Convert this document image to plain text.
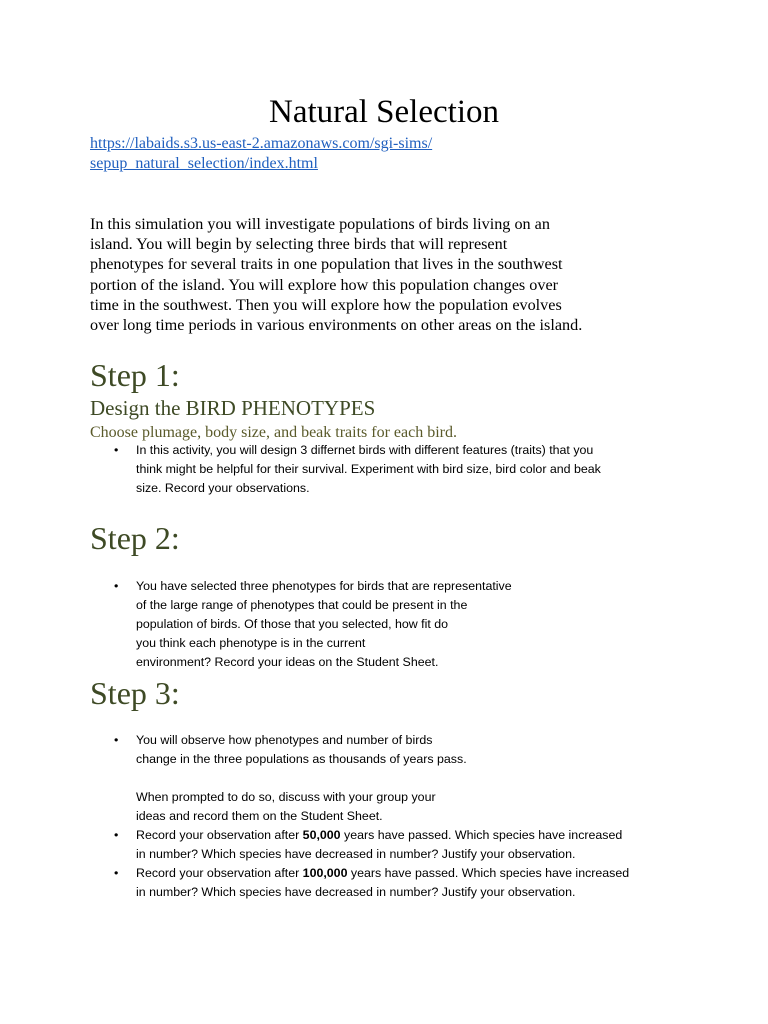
Natural Selection
https://labaids.s3.us-east-2.amazonaws.com/sgi-sims/
sepup_natural_selection/index.html

In this simulation you will investigate populations of birds living on an
island. You will begin by selecting three birds that will represent
phenotypes for several traits in one population that lives in the southwest
portion of the island. You will explore how this population changes over
time in the southwest. Then you will explore how the population evolves
over long time periods in various environments on other areas on the island.

Step 1:
Design the BIRD PHENOTYPES

Choose plumage, body size, and beak traits for each bird.

• In this activity, you will design 3 differnet birds with different features (traits) that you
think might be helpful for their survival. Experiment with bird size, bird color and beak
size. Record your observations.
Step 2:
• You have selected three phenotypes for birds that are representative
of the large range of phenotypes that could be present in the
population of birds. Of those that you selected, how fit do
you think each phenotype is in the current
environment? Record your ideas on the Student Sheet.
Step 3:
• You will observe how phenotypes and number of birds
change in the three populations as thousands of years pass.
When prompted to do so, discuss with your group your
ideas and record them on the Student Sheet.
• Record your observation after 50,000 years have passed. Which species have increased
in number? Which species have decreased in number? Justify your observation.
• Record your observation after 100,000 years have passed. Which species have increased
in number? Which species have decreased in number? Justify your observation.
